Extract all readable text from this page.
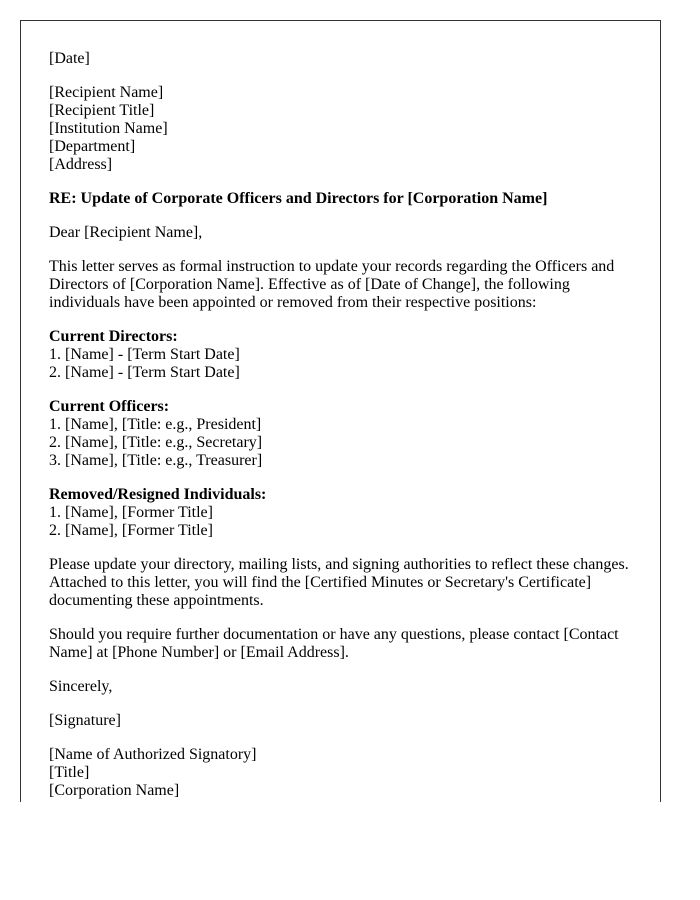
[Date]

[Recipient Name]
[Recipient Title]
[Institution Name]
[Department]
[Address]

RE: Update of Corporate Officers and Directors for [Corporation Name]

Dear [Recipient Name],

This letter serves as formal instruction to update your records regarding the Officers and Directors of [Corporation Name]. Effective as of [Date of Change], the following individuals have been appointed or removed from their respective positions:

Current Directors:
1. [Name] - [Term Start Date]
2. [Name] - [Term Start Date]

Current Officers:
1. [Name], [Title: e.g., President]
2. [Name], [Title: e.g., Secretary]
3. [Name], [Title: e.g., Treasurer]

Removed/Resigned Individuals:
1. [Name], [Former Title]
2. [Name], [Former Title]

Please update your directory, mailing lists, and signing authorities to reflect these changes. Attached to this letter, you will find the [Certified Minutes or Secretary's Certificate] documenting these appointments.

Should you require further documentation or have any questions, please contact [Contact Name] at [Phone Number] or [Email Address].

Sincerely,

[Signature]

[Name of Authorized Signatory]
[Title]
[Corporation Name]
